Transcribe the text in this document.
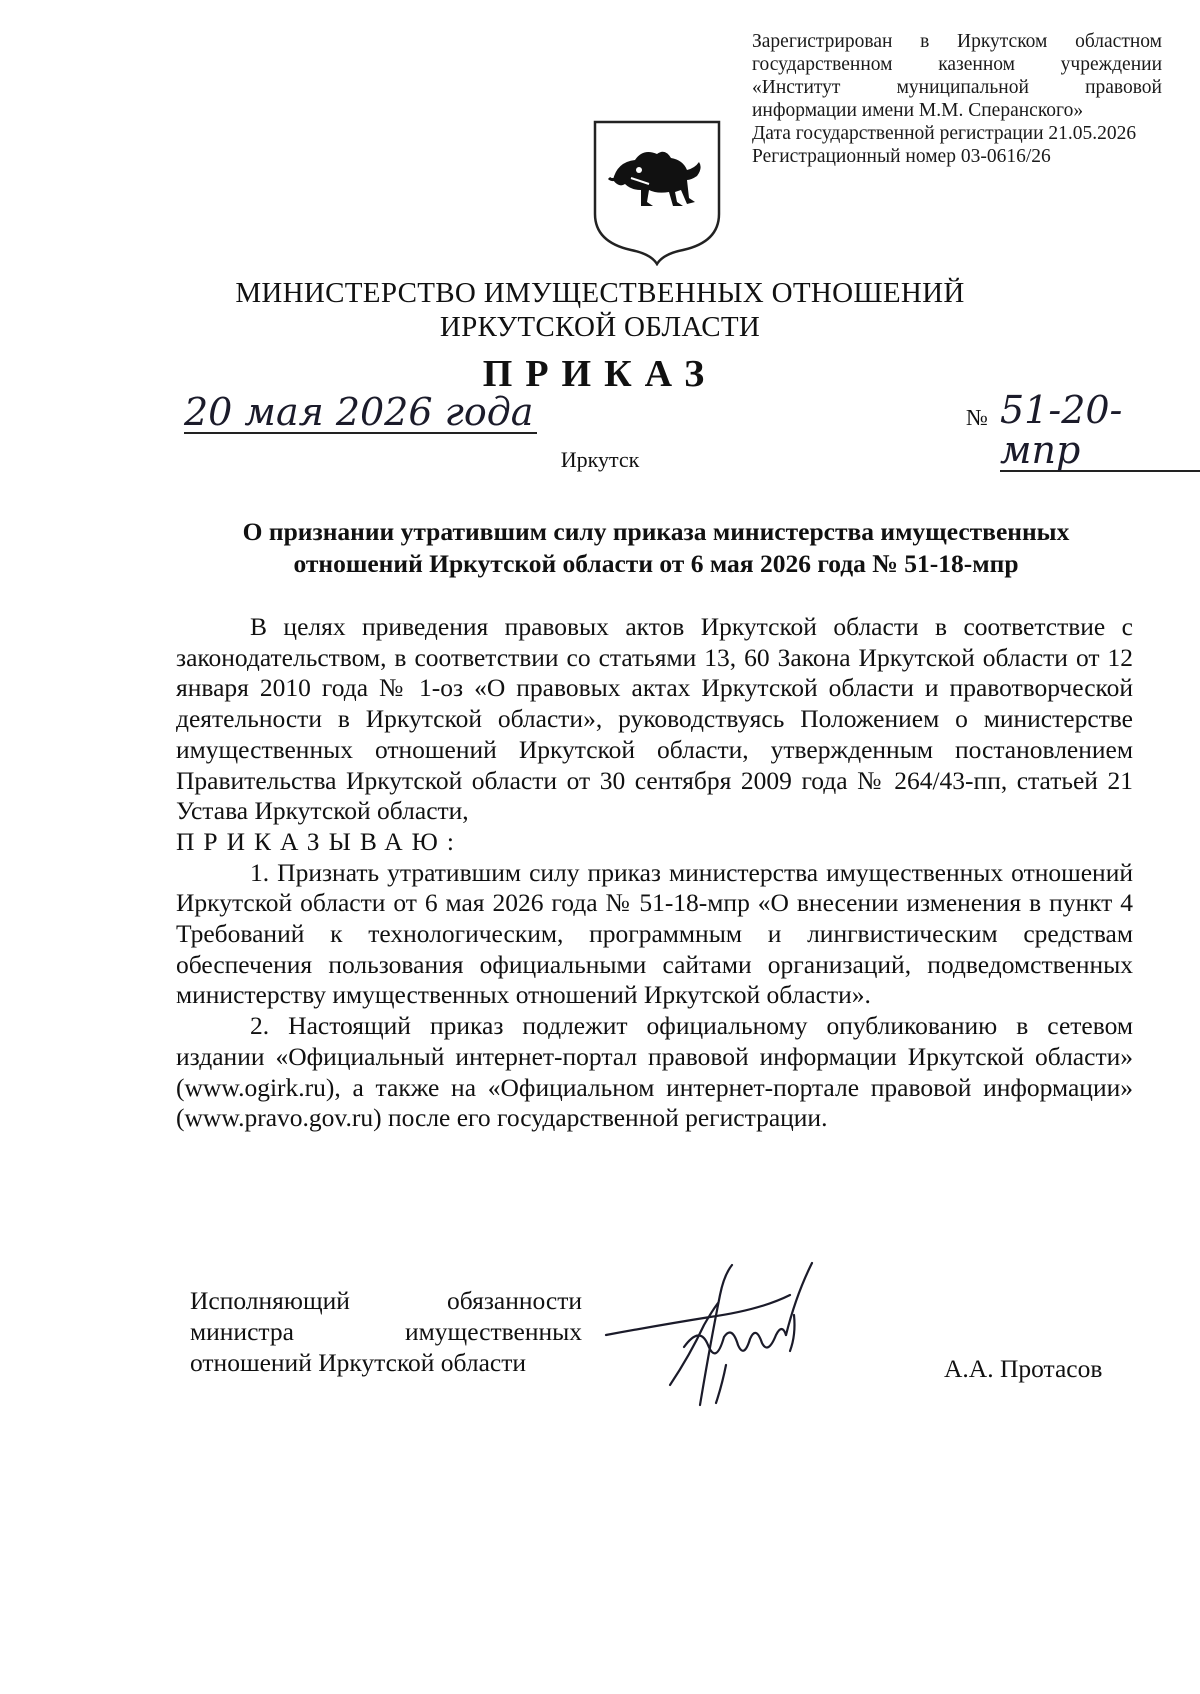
Зарегистрирован в Иркутском областном
государственном казенном учреждении
«Институт муниципальной правовой
информации имени М.М. Сперанского»
Дата государственной регистрации 21.05.2026
Регистрационный номер 03-0616/26
МИНИСТЕРСТВО ИМУЩЕСТВЕННЫХ ОТНОШЕНИЙ
ИРКУТСКОЙ ОБЛАСТИ
ПРИКАЗ
20 мая 2026 года	№ 51-20-мпр
Иркутск
О признании утратившим силу приказа министерства имущественных
отношений Иркутской области от 6 мая 2026 года № 51-18-мпр

В целях приведения правовых актов Иркутской области в соответствие с законодательством, в соответствии со статьями 13, 60 Закона Иркутской области от 12 января 2010 года № 1-оз «О правовых актах Иркутской области и правотворческой деятельности в Иркутской области», руководствуясь Положением о министерстве имущественных отношений Иркутской области, утвержденным постановлением Правительства Иркутской области от 30 сентября 2009 года № 264/43-пп, статьей 21 Устава Иркутской области,

ПРИКАЗЫВАЮ:

1. Признать утратившим силу приказ министерства имущественных отношений Иркутской области от 6 мая 2026 года № 51-18-мпр «О внесении изменения в пункт 4 Требований к технологическим, программным и лингвистическим средствам обеспечения пользования официальными сайтами организаций, подведомственных министерству имущественных отношений Иркутской области».

2. Настоящий приказ подлежит официальному опубликованию в сетевом издании «Официальный интернет-портал правовой информации Иркутской области» (www.ogirk.ru), а также на «Официальном интернет-портале правовой информации» (www.pravo.gov.ru) после его государственной регистрации.

Исполняющий обязанности
министра имущественных
отношений Иркутской области	А.А. Протасов
